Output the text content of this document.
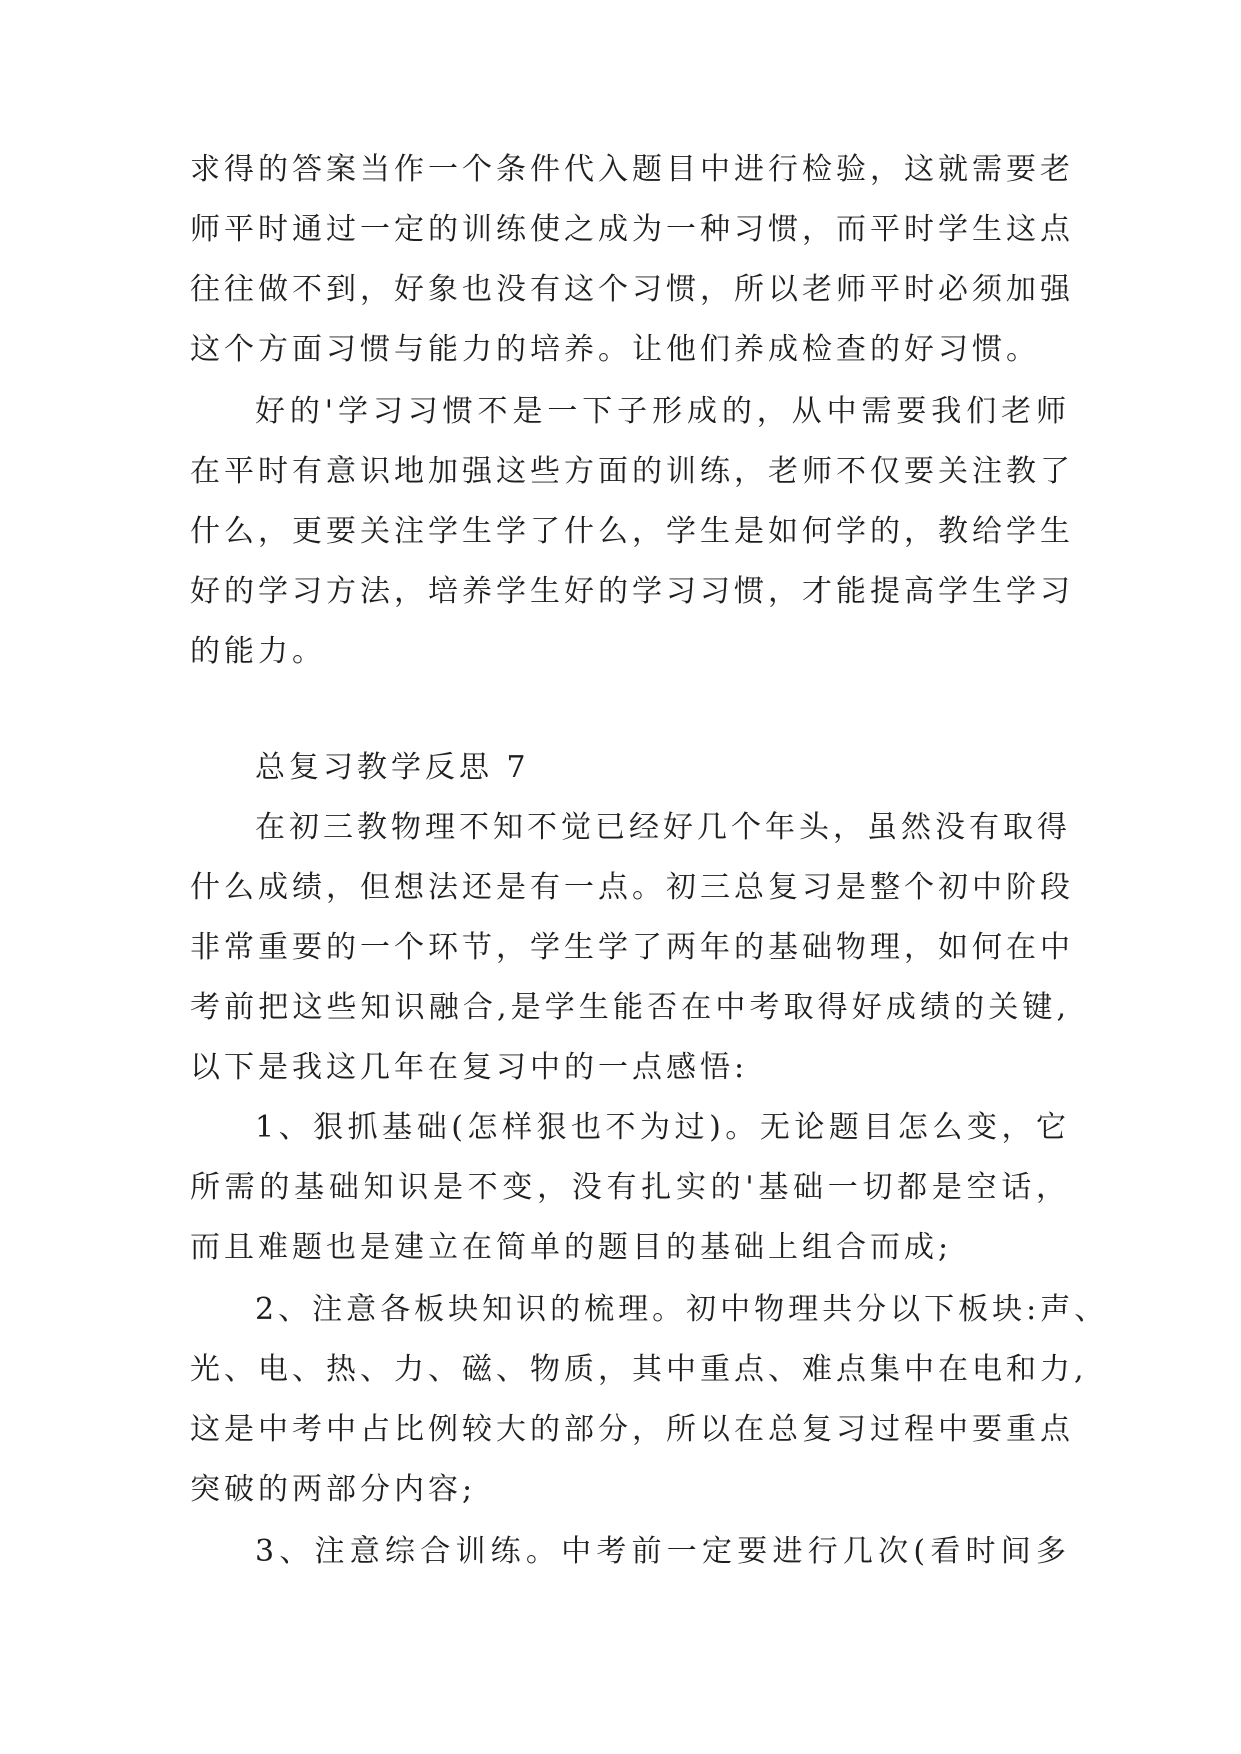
求得的答案当作一个条件代入题目中进行检验，这就需要老
师平时通过一定的训练使之成为一种习惯，而平时学生这点
往往做不到，好象也没有这个习惯，所以老师平时必须加强
这个方面习惯与能力的培养。让他们养成检查的好习惯。
好的'学习习惯不是一下子形成的，从中需要我们老师
在平时有意识地加强这些方面的训练，老师不仅要关注教了
什么，更要关注学生学了什么，学生是如何学的，教给学生
好的学习方法，培养学生好的学习习惯，才能提高学生学习
的能力。
总复习教学反思 7
在初三教物理不知不觉已经好几个年头，虽然没有取得
什么成绩，但想法还是有一点。初三总复习是整个初中阶段
非常重要的一个环节，学生学了两年的基础物理，如何在中
考前把这些知识融合,是学生能否在中考取得好成绩的关键,
以下是我这几年在复习中的一点感悟:
1、狠抓基础(怎样狠也不为过)。无论题目怎么变，它
所需的基础知识是不变，没有扎实的'基础一切都是空话，
而且难题也是建立在简单的题目的基础上组合而成;
2、注意各板块知识的梳理。初中物理共分以下板块:声、
光、电、热、力、磁、物质，其中重点、难点集中在电和力,
这是中考中占比例较大的部分，所以在总复习过程中要重点
突破的两部分内容;
3、注意综合训练。中考前一定要进行几次(看时间多
